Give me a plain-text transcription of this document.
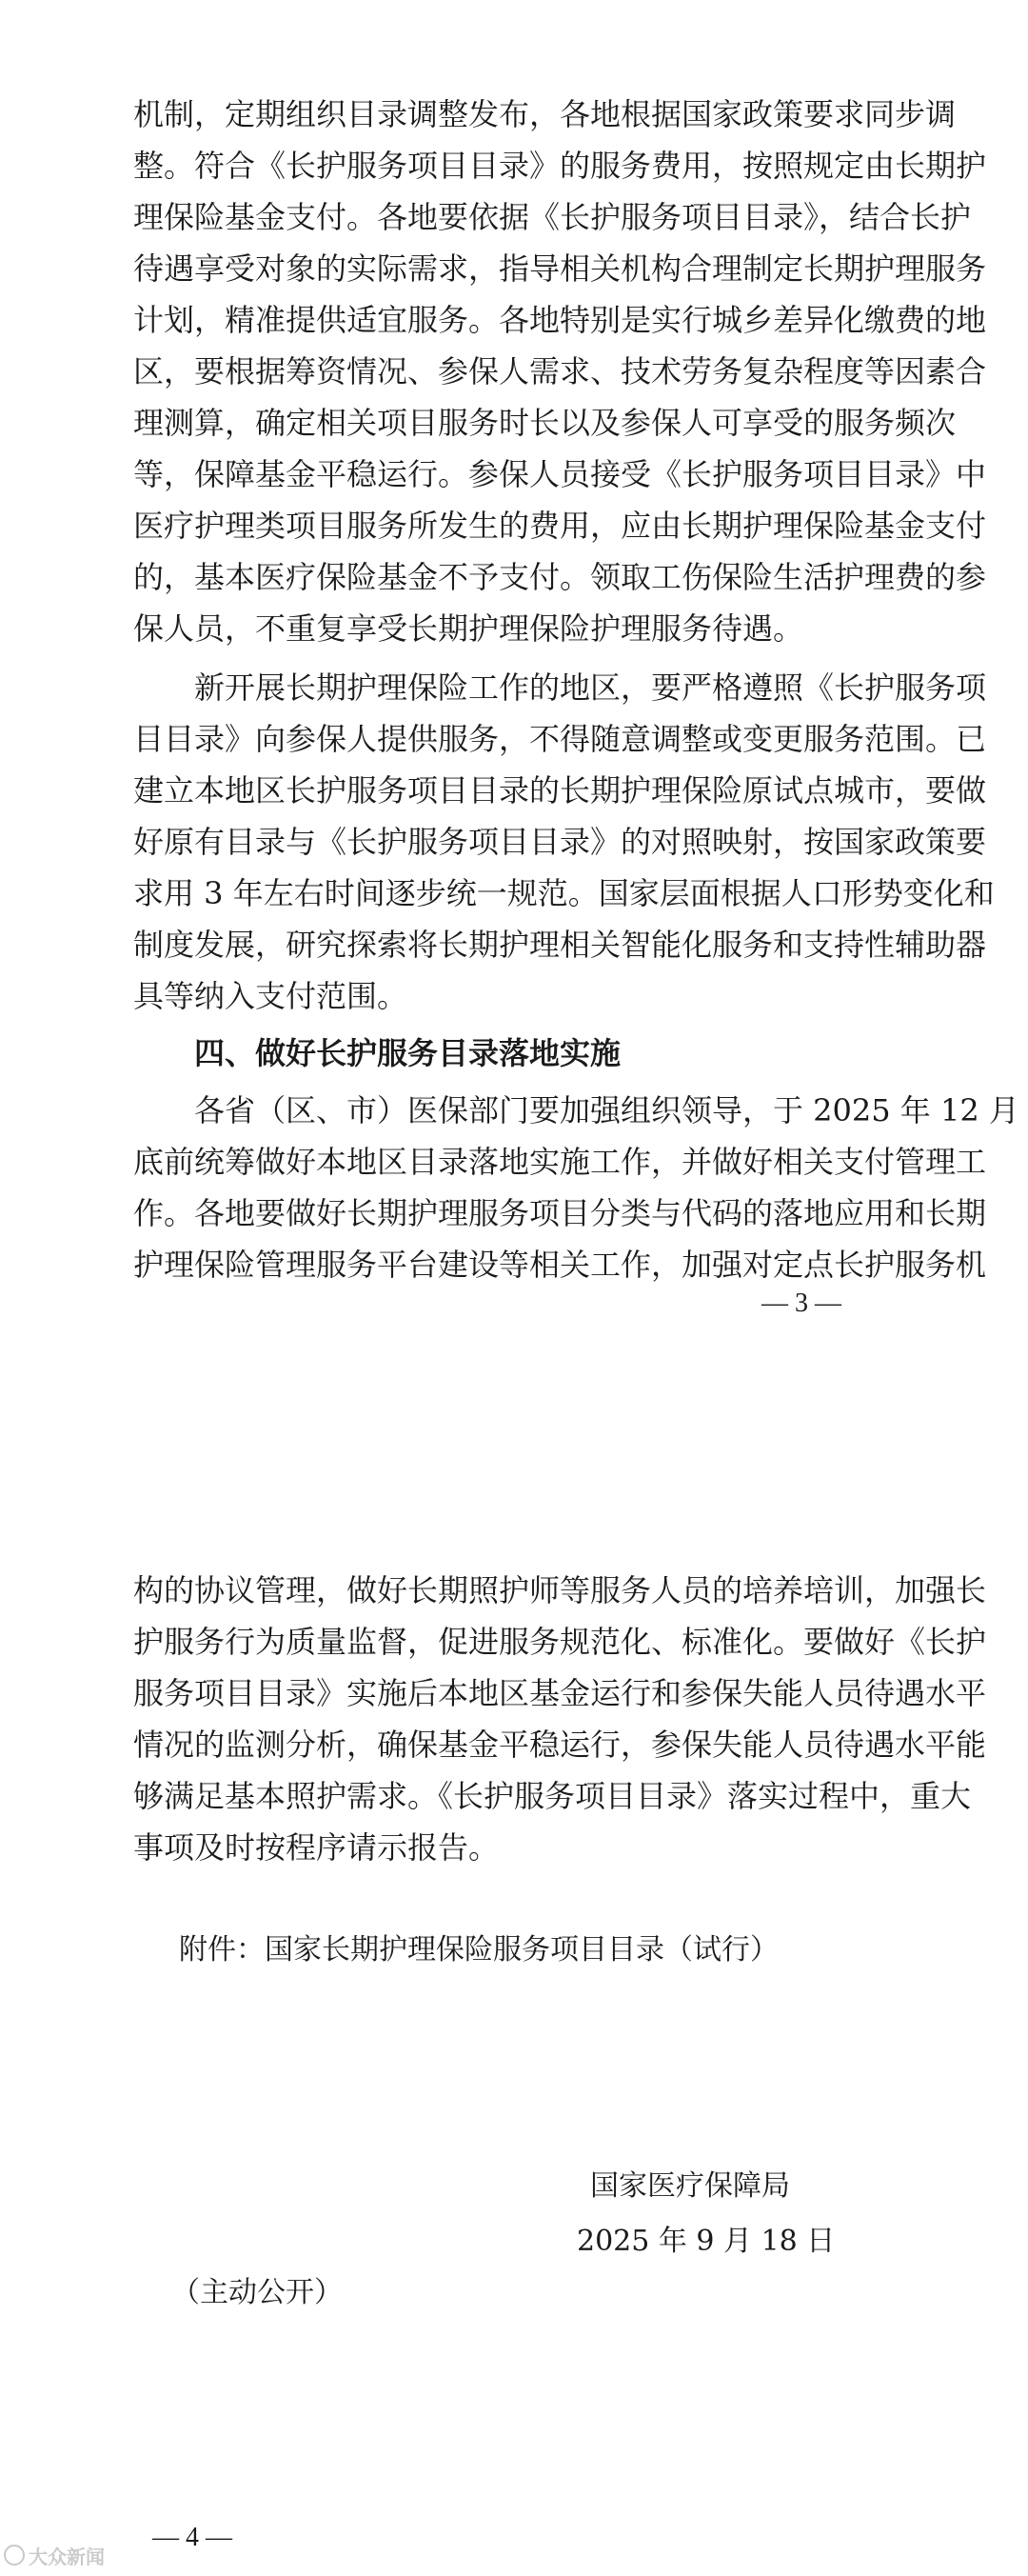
机制，定期组织目录调整发布，各地根据国家政策要求同步调
整。符合《长护服务项目目录》的服务费用，按照规定由长期护
理保险基金支付。各地要依据《长护服务项目目录》，结合长护
待遇享受对象的实际需求，指导相关机构合理制定长期护理服务
计划，精准提供适宜服务。各地特别是实行城乡差异化缴费的地
区，要根据筹资情况、参保人需求、技术劳务复杂程度等因素合
理测算，确定相关项目服务时长以及参保人可享受的服务频次
等，保障基金平稳运行。参保人员接受《长护服务项目目录》中
医疗护理类项目服务所发生的费用，应由长期护理保险基金支付
的，基本医疗保险基金不予支付。领取工伤保险生活护理费的参
保人员，不重复享受长期护理保险护理服务待遇。
新开展长期护理保险工作的地区，要严格遵照《长护服务项
目目录》向参保人提供服务，不得随意调整或变更服务范围。已
建立本地区长护服务项目目录的长期护理保险原试点城市，要做
好原有目录与《长护服务项目目录》的对照映射，按国家政策要
求用 3 年左右时间逐步统一规范。国家层面根据人口形势变化和
制度发展，研究探索将长期护理相关智能化服务和支持性辅助器
具等纳入支付范围。
四、做好长护服务目录落地实施
各省（区、市）医保部门要加强组织领导，于 2025 年 12 月
底前统筹做好本地区目录落地实施工作，并做好相关支付管理工
作。各地要做好长期护理服务项目分类与代码的落地应用和长期
护理保险管理服务平台建设等相关工作，加强对定点长护服务机
— 3 —
构的协议管理，做好长期照护师等服务人员的培养培训，加强长
护服务行为质量监督，促进服务规范化、标准化。要做好《长护
服务项目目录》实施后本地区基金运行和参保失能人员待遇水平
情况的监测分析，确保基金平稳运行，参保失能人员待遇水平能
够满足基本照护需求。《长护服务项目目录》落实过程中，重大
事项及时按程序请示报告。
附件：国家长期护理保险服务项目目录（试行）
国家医疗保障局
2025 年 9 月 18 日
（主动公开）
— 4 —
大众新闻
